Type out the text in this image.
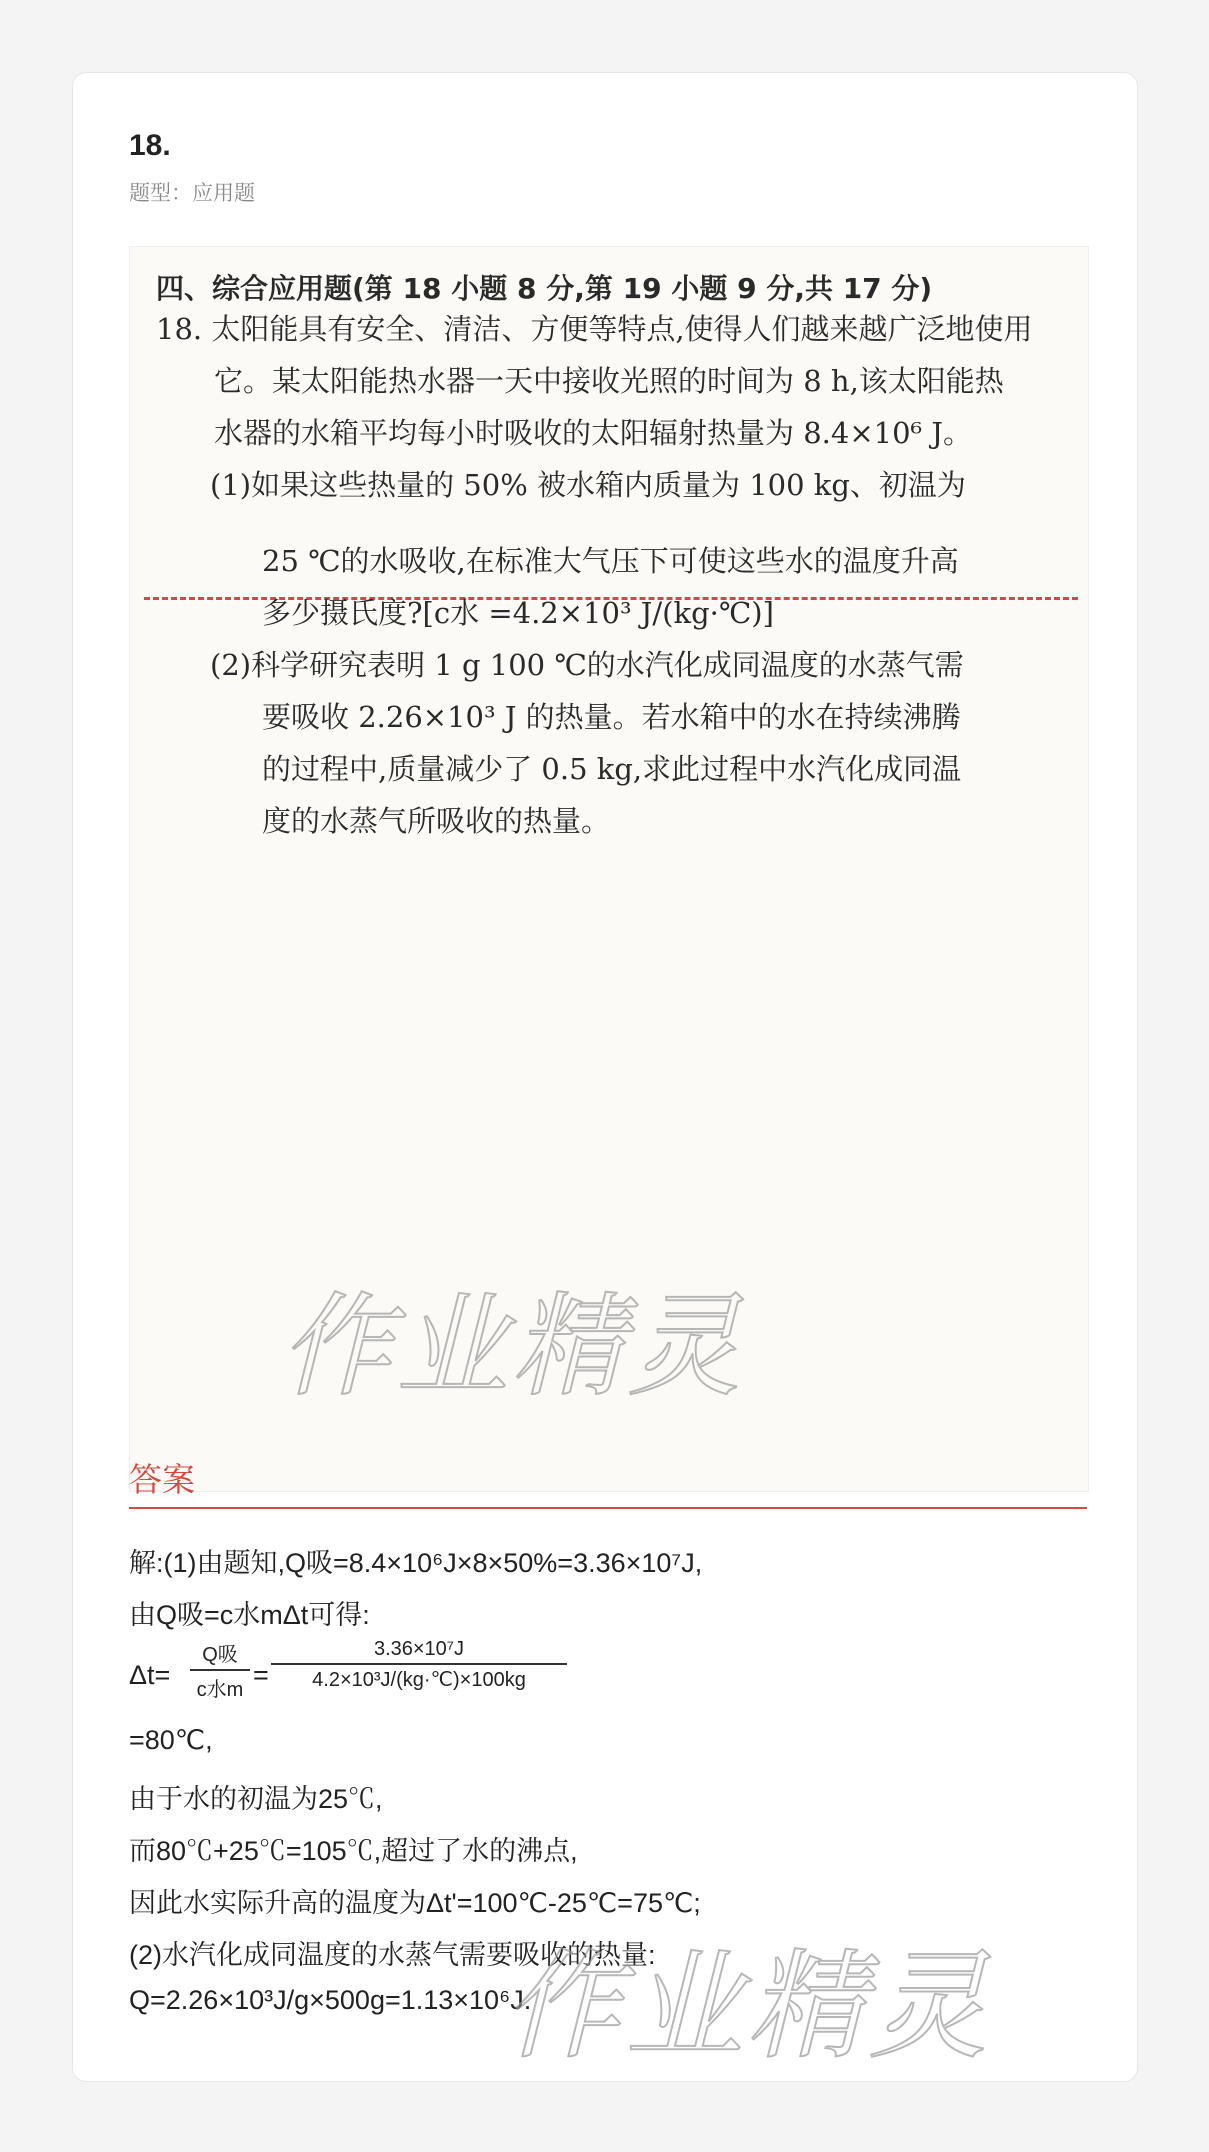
18.
题型：应用题
四、综合应用题(第 18 小题 8 分,第 19 小题 9 分,共 17 分)
18. 太阳能具有安全、清洁、方便等特点,使得人们越来越广泛地使用
它。某太阳能热水器一天中接收光照的时间为 8 h,该太阳能热
水器的水箱平均每小时吸收的太阳辐射热量为 8.4×10⁶ J。
(1)如果这些热量的 50% 被水箱内质量为 100 kg、初温为
25 ℃的水吸收,在标准大气压下可使这些水的温度升高
多少摄氏度?[c水 =4.2×10³ J/(kg·℃)]
(2)科学研究表明 1 g 100 ℃的水汽化成同温度的水蒸气需
要吸收 2.26×10³ J 的热量。若水箱中的水在持续沸腾
的过程中,质量减少了 0.5 kg,求此过程中水汽化成同温
度的水蒸气所吸收的热量。
作业精灵
答案
解:(1)由题知,Q吸=8.4×10⁶J×8×50%=3.36×10⁷J,
由Q吸=c水mΔt可得:
Δt=
Q吸
c水m =
3.36×10⁷J
4.2×10³J/(kg·℃)×100kg
=80℃,
由于水的初温为25℃,
而80℃+25℃=105℃,超过了水的沸点,
因此水实际升高的温度为Δt'=100℃-25℃=75℃;
(2)水汽化成同温度的水蒸气需要吸收的热量:
Q=2.26×10³J/g×500g=1.13×10⁶J.
作业精灵
